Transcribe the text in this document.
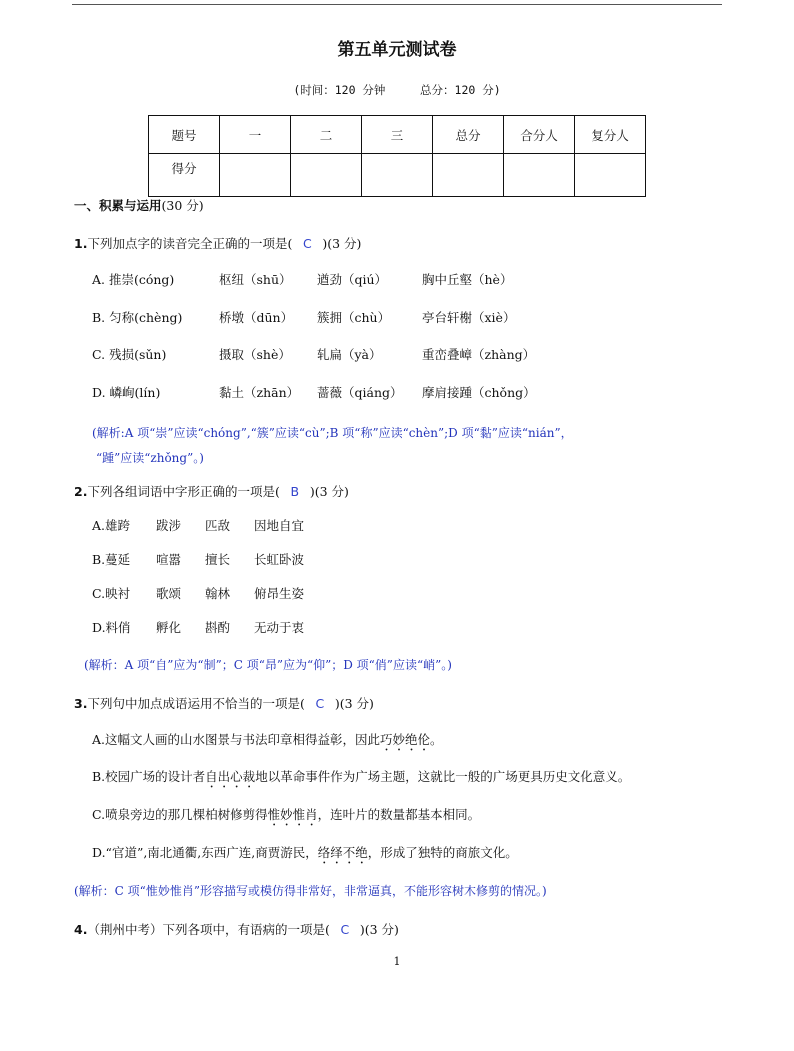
第五单元测试卷
(时间：120 分钟     总分：120 分)
题号	一	二	三	总分	合分人	复分人
得分						
一、积累与运用(30 分)
1.下列加点字的读音完全正确的一项是( C )(3 分)
A. 推崇(cóng)	枢纽（shū） 遒劲（qiú）	胸中丘壑（hè）
B. 匀称(chèng)	桥墩（dūn） 簇拥（chù）	亭台轩榭（xiè）
C. 残损(sǔn)	摄取（shè） 轧扁（yà）	重峦叠嶂（zhàng）
D. 嶙峋(lín)	黏土（zhān） 蔷薇（qiáng） 摩肩接踵（chǒng）
(解析:A 项“崇”应读“chóng”,“簇”应读“cù”;B 项“称”应读“chèn”;D 项“黏”应读“nián”，
“踵”应读“zhǒng”。)
2.下列各组词语中字形正确的一项是( B )(3 分)
A.雄跨 跋涉 匹敌 因地自宜
B.蔓延 喧嚣 擅长 长虹卧波
C.映衬 歌颂 翰林 俯昂生姿
D.料俏 孵化 斟酌 无动于衷
(解析：A 项“自”应为“制”；C 项“昂”应为“仰”；D 项“俏”应读“峭”。)
3.下列句中加点成语运用不恰当的一项是( C )(3 分)
A.这幅文人画的山水图景与书法印章相得益彰，因此巧妙绝伦。
B.校园广场的设计者自出心裁地以革命事件作为广场主题，这就比一般的广场更具历史文化意义。
C.喷泉旁边的那几棵柏树修剪得惟妙惟肖，连叶片的数量都基本相同。
D.“官道”,南北通衢,东西广连,商贾游民，络绎不绝，形成了独特的商旅文化。
(解析：C 项“惟妙惟肖”形容描写或模仿得非常好，非常逼真，不能形容树木修剪的情况。)
4.（荆州中考）下列各项中，有语病的一项是( C )(3 分)
1
